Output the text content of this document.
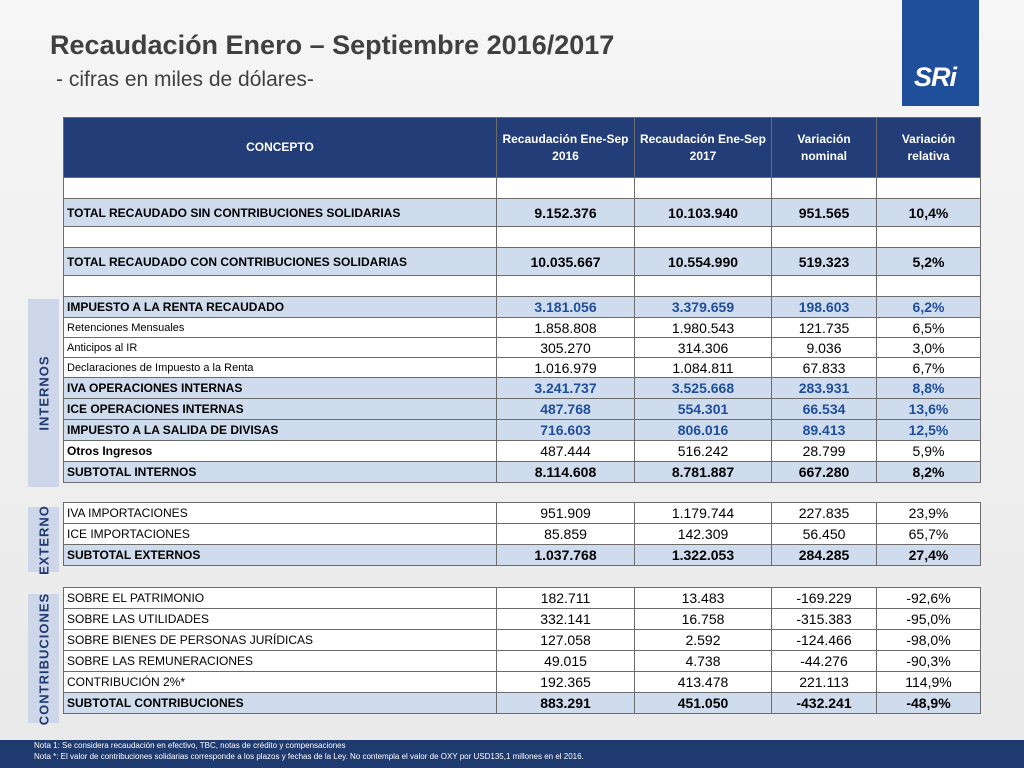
Recaudación Enero – Septiembre 2016/2017
- cifras en miles de dólares-	SRi
INTERNOS
EXTERNO
CONTRIBUCIONES
CONCEPTO	Recaudación Ene-Sep 2016	Recaudación Ene-Sep 2017	Variación nominal	Variación relativa

TOTAL RECAUDADO SIN CONTRIBUCIONES SOLIDARIAS	9.152.376	10.103.940	951.565	10,4%

TOTAL RECAUDADO CON CONTRIBUCIONES SOLIDARIAS	10.035.667	10.554.990	519.323	5,2%

IMPUESTO A LA RENTA RECAUDADO	3.181.056	3.379.659	198.603	6,2%
Retenciones Mensuales	1.858.808	1.980.543	121.735	6,5%
Anticipos al IR	305.270	314.306	9.036	3,0%
Declaraciones de Impuesto a la Renta	1.016.979	1.084.811	67.833	6,7%
IVA OPERACIONES INTERNAS	3.241.737	3.525.668	283.931	8,8%
ICE OPERACIONES INTERNAS	487.768	554.301	66.534	13,6%
IMPUESTO A LA SALIDA DE DIVISAS	716.603	806.016	89.413	12,5%
Otros Ingresos	487.444	516.242	28.799	5,9%
SUBTOTAL INTERNOS	8.114.608	8.781.887	667.280	8,2%

IVA IMPORTACIONES	951.909	1.179.744	227.835	23,9%
ICE IMPORTACIONES	85.859	142.309	56.450	65,7%
SUBTOTAL EXTERNOS	1.037.768	1.322.053	284.285	27,4%

SOBRE EL PATRIMONIO	182.711	13.483	-169.229	-92,6%
SOBRE LAS UTILIDADES	332.141	16.758	-315.383	-95,0%
SOBRE BIENES DE PERSONAS JURÍDICAS	127.058	2.592	-124.466	-98,0%
SOBRE LAS REMUNERACIONES	49.015	4.738	-44.276	-90,3%
CONTRIBUCIÓN 2%*	192.365	413.478	221.113	114,9%
SUBTOTAL CONTRIBUCIONES	883.291	451.050	-432.241	-48,9%
Nota 1: Se considera recaudación en efectivo, TBC, notas de crédito y compensaciones
Nota *: El valor de contribuciones solidarias corresponde a los plazos y fechas de la Ley. No contempla el valor de OXY por USD135,1 millones en el 2016.
